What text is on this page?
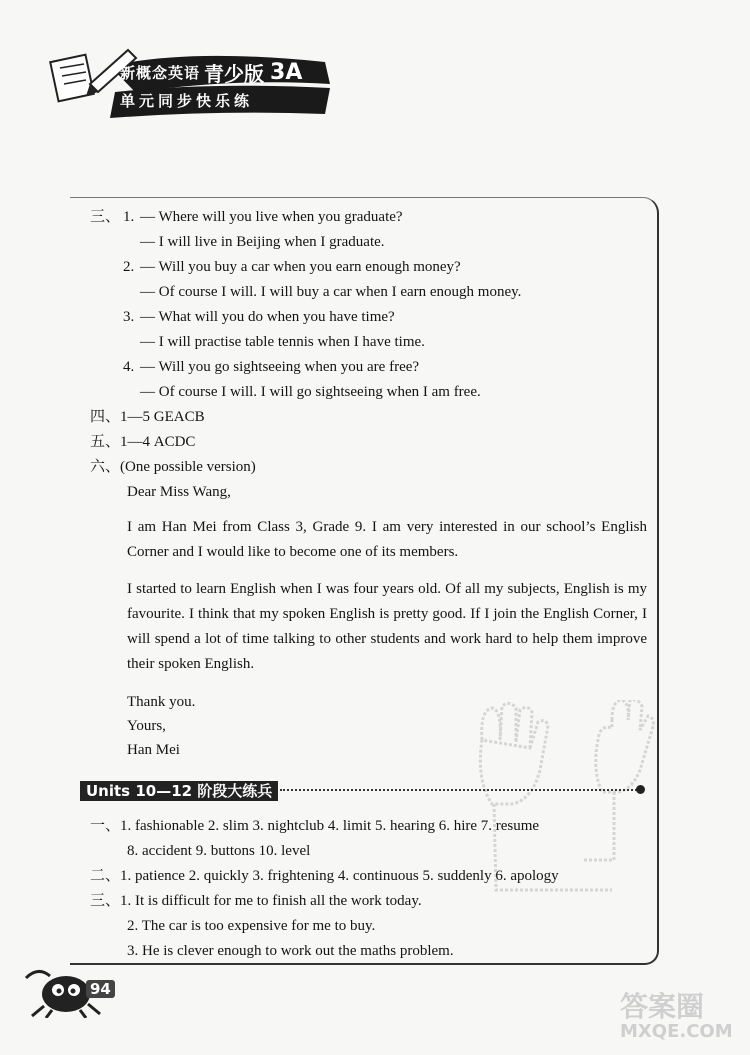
新概念英语 青少版 3A
单元同步快乐练
三、 1. — Where will you live when you graduate?
— I will live in Beijing when I graduate.
2. — Will you buy a car when you earn enough money?
— Of course I will. I will buy a car when I earn enough money.
3. — What will you do when you have time?
— I will practise table tennis when I have time.
4. — Will you go sightseeing when you are free?
— Of course I will. I will go sightseeing when I am free.
四、1—5 GEACB
五、1—4 ACDC
六、(One possible version)
Dear Miss Wang,
I am Han Mei from Class 3, Grade 9. I am very interested in our school’s English Corner and I would like to become one of its members.
I started to learn English when I was four years old. Of all my subjects, English is my favourite. I think that my spoken English is pretty good. If I join the English Corner, I will spend a lot of time talking to other students and work hard to help them improve their spoken English.
Thank you.
Yours,
Han Mei
Units 10—12 阶段大练兵
一、1. fashionable 2. slim 3. nightclub 4. limit 5. hearing 6. hire 7. resume
8. accident 9. buttons 10. level
二、1. patience 2. quickly 3. frightening 4. continuous 5. suddenly 6. apology
三、1. It is difficult for me to finish all the work today.
2. The car is too expensive for me to buy.
3. He is clever enough to work out the maths problem.
94
答案圈
MXQE.COM
